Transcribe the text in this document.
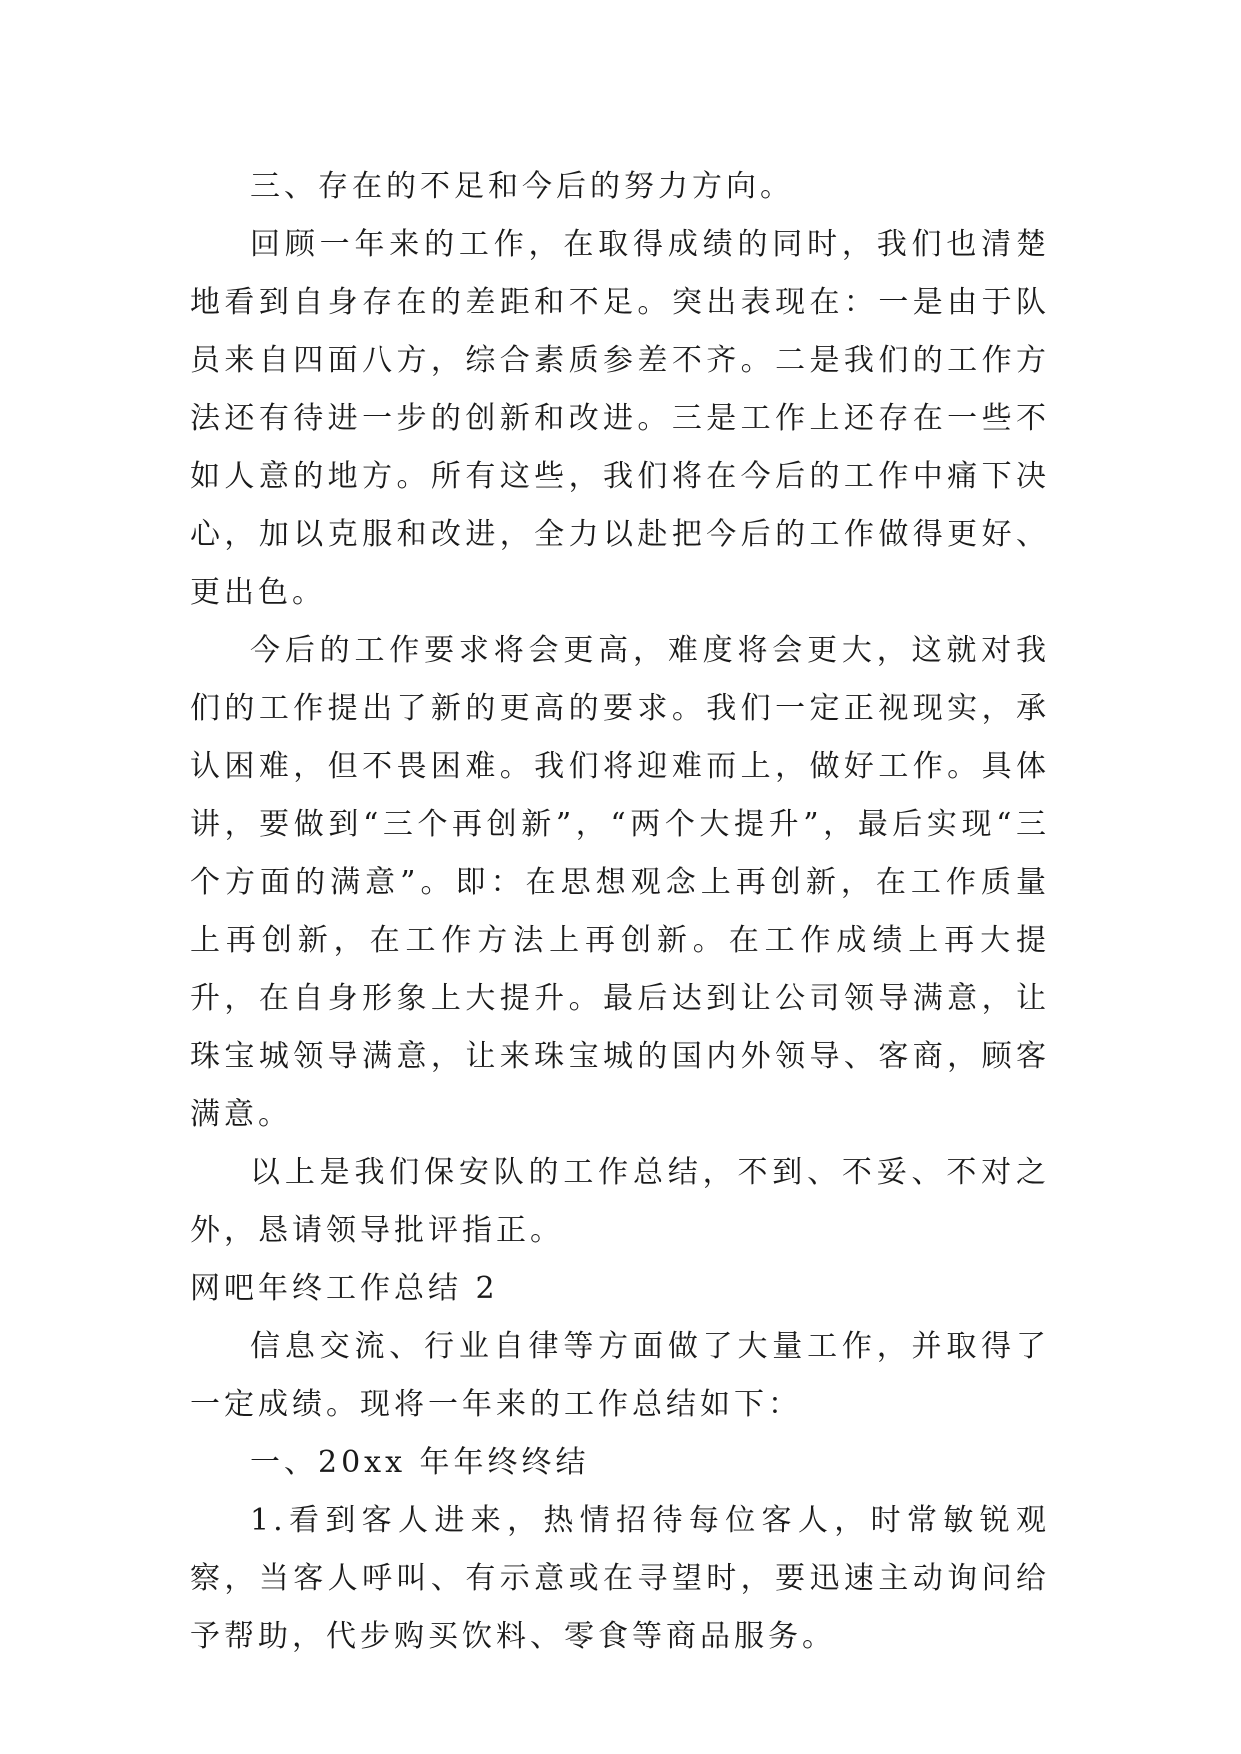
三、存在的不足和今后的努力方向。

回顾一年来的工作，在取得成绩的同时，我们也清楚地看到自身存在的差距和不足。突出表现在：一是由于队员来自四面八方，综合素质参差不齐。二是我们的工作方法还有待进一步的创新和改进。三是工作上还存在一些不如人意的地方。所有这些，我们将在今后的工作中痛下决心，加以克服和改进，全力以赴把今后的工作做得更好、更出色。

今后的工作要求将会更高，难度将会更大，这就对我们的工作提出了新的更高的要求。我们一定正视现实，承认困难，但不畏困难。我们将迎难而上，做好工作。具体讲，要做到“三个再创新”，“两个大提升”，最后实现“三个方面的满意”。即：在思想观念上再创新，在工作质量上再创新，在工作方法上再创新。在工作成绩上再大提升，在自身形象上大提升。最后达到让公司领导满意，让珠宝城领导满意，让来珠宝城的国内外领导、客商，顾客满意。

以上是我们保安队的工作总结，不到、不妥、不对之外，恳请领导批评指正。

网吧年终工作总结 2

信息交流、行业自律等方面做了大量工作，并取得了一定成绩。现将一年来的工作总结如下：

一、20xx 年年终终结

1.看到客人进来，热情招待每位客人，时常敏锐观察，当客人呼叫、有示意或在寻望时，要迅速主动询问给予帮助，代步购买饮料、零食等商品服务。
